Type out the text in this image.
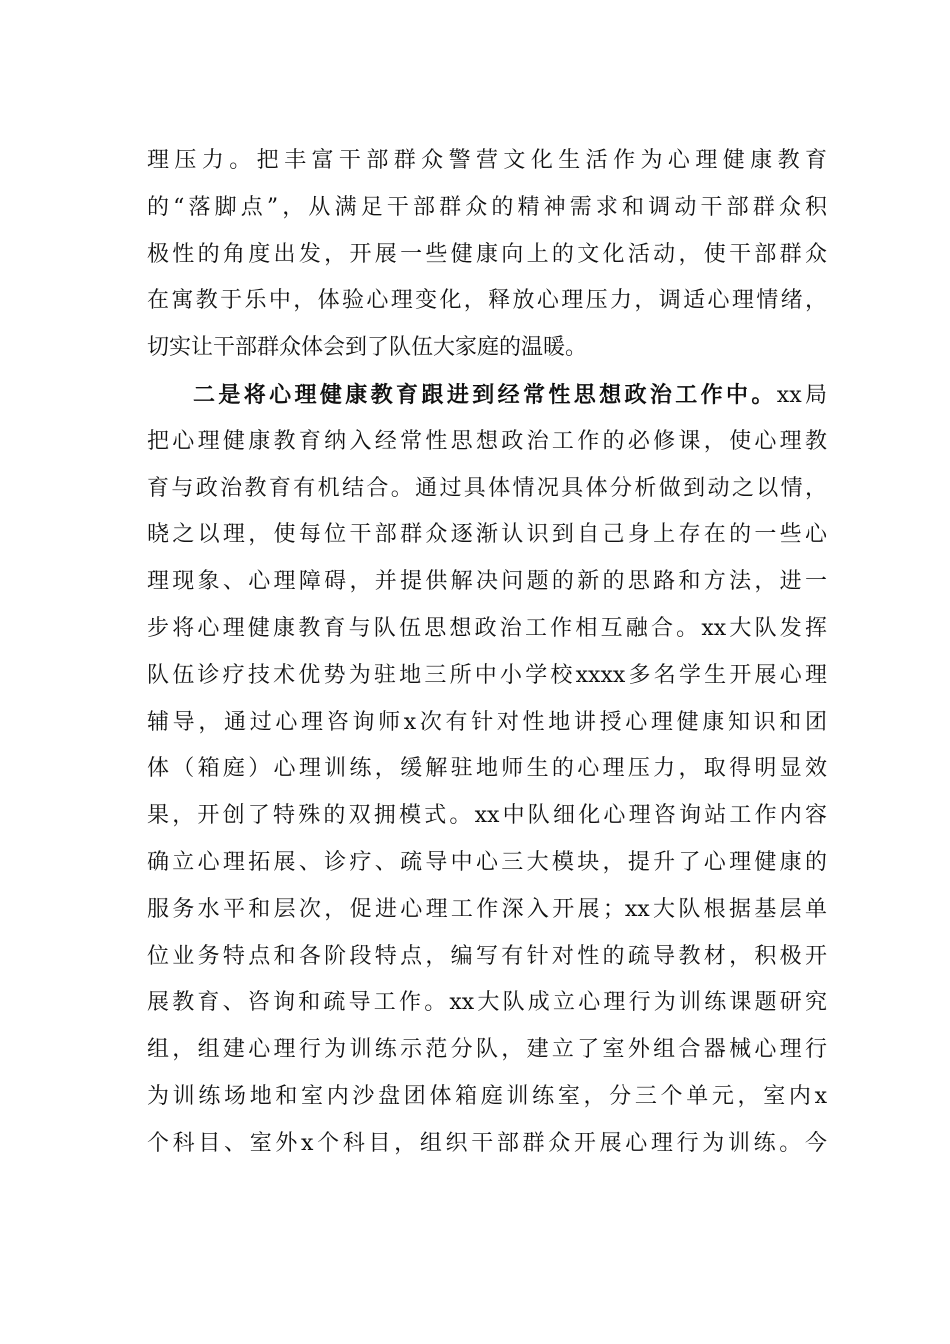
理压力。把丰富干部群众警营文化生活作为心理健康教育
的“落脚点”，从满足干部群众的精神需求和调动干部群众积
极性的角度出发，开展一些健康向上的文化活动，使干部群众
在寓教于乐中，体验心理变化，释放心理压力，调适心理情绪，
切实让干部群众体会到了队伍大家庭的温暖。
二是将心理健康教育跟进到经常性思想政治工作中。xx局
把心理健康教育纳入经常性思想政治工作的必修课，使心理教
育与政治教育有机结合。通过具体情况具体分析做到动之以情，
晓之以理，使每位干部群众逐渐认识到自己身上存在的一些心
理现象、心理障碍，并提供解决问题的新的思路和方法，进一
步将心理健康教育与队伍思想政治工作相互融合。xx大队发挥
队伍诊疗技术优势为驻地三所中小学校xxxx多名学生开展心理
辅导，通过心理咨询师x次有针对性地讲授心理健康知识和团
体（箱庭）心理训练，缓解驻地师生的心理压力，取得明显效
果，开创了特殊的双拥模式。xx中队细化心理咨询站工作内容
确立心理拓展、诊疗、疏导中心三大模块，提升了心理健康的
服务水平和层次，促进心理工作深入开展；xx大队根据基层单
位业务特点和各阶段特点，编写有针对性的疏导教材，积极开
展教育、咨询和疏导工作。xx大队成立心理行为训练课题研究
组，组建心理行为训练示范分队，建立了室外组合器械心理行
为训练场地和室内沙盘团体箱庭训练室，分三个单元，室内x
个科目、室外x个科目，组织干部群众开展心理行为训练。今
